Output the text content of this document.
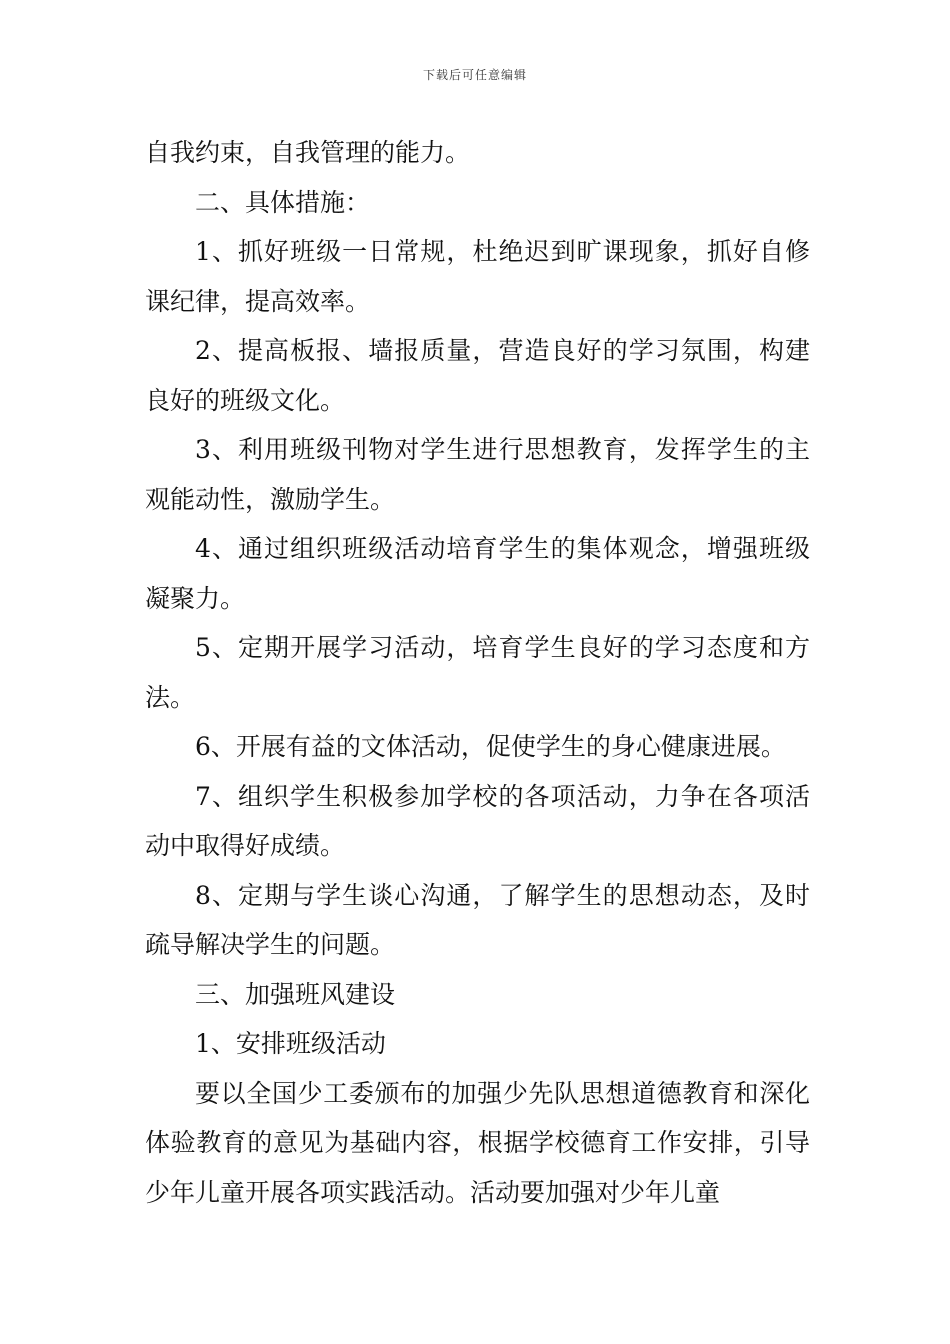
下载后可任意编辑

自我约束，自我管理的能力。

二、具体措施：

1、抓好班级一日常规，杜绝迟到旷课现象，抓好自修课纪律，提高效率。

2、提高板报、墙报质量，营造良好的学习氛围，构建良好的班级文化。

3、利用班级刊物对学生进行思想教育，发挥学生的主观能动性，激励学生。

4、通过组织班级活动培育学生的集体观念，增强班级凝聚力。

5、定期开展学习活动，培育学生良好的学习态度和方法。

6、开展有益的文体活动，促使学生的身心健康进展。

7、组织学生积极参加学校的各项活动，力争在各项活动中取得好成绩。

8、定期与学生谈心沟通，了解学生的思想动态，及时疏导解决学生的问题。

三、加强班风建设

1、安排班级活动

要以全国少工委颁布的加强少先队思想道德教育和深化体验教育的意见为基础内容，根据学校德育工作安排，引导少年儿童开展各项实践活动。活动要加强对少年儿童
